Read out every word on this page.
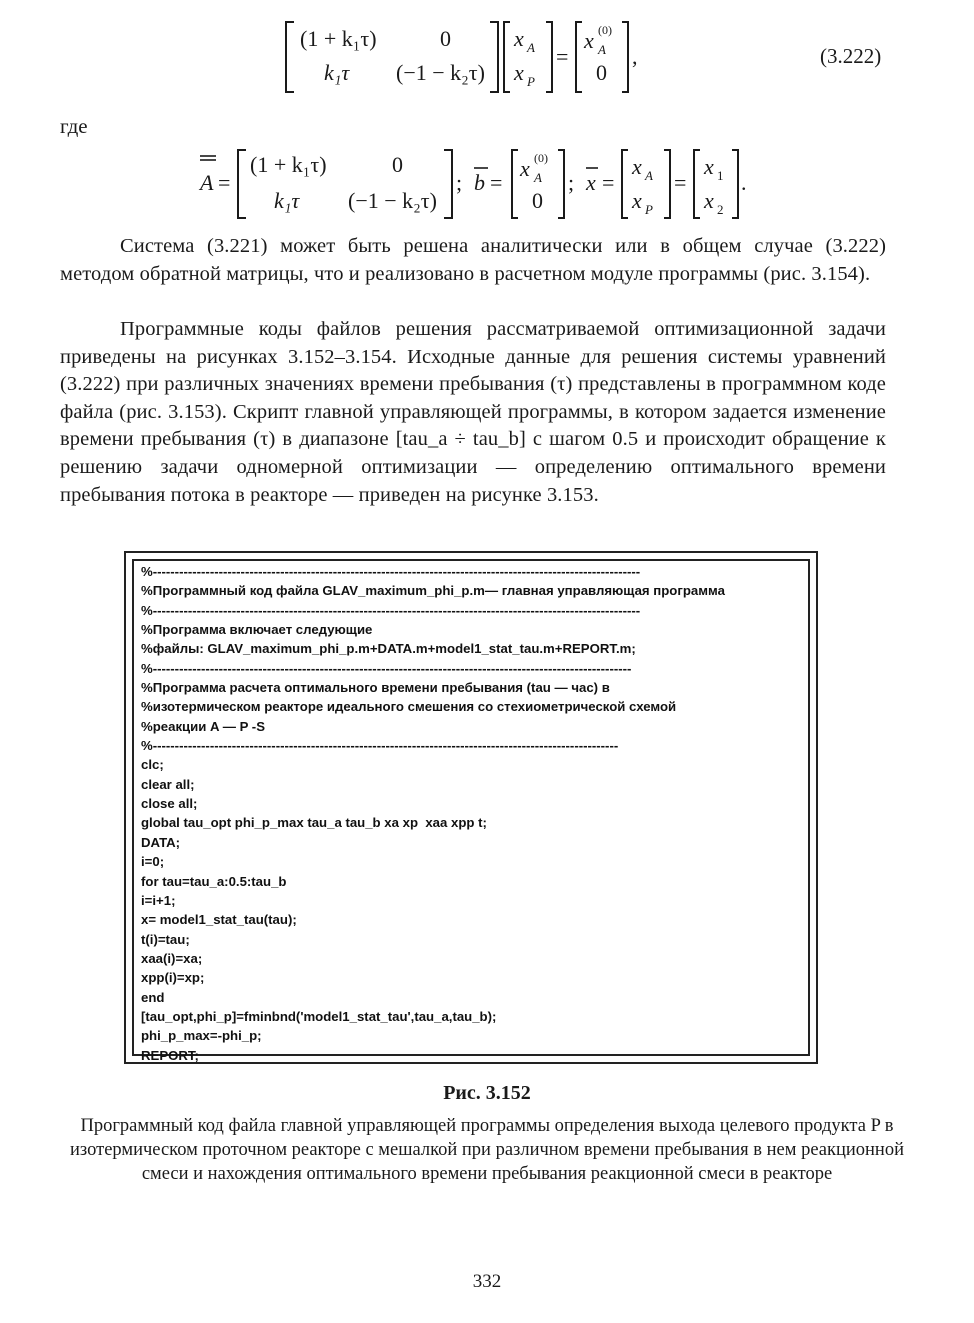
(1 + k₁τ)	0
k₁τ (−1 − k₂τ)
x A
x P
=
x (0)
A
0
,	(3.222)
где
A =
(1 + k₁τ)	0
k₁τ (−1 − k₂τ)
; b =
x (0)
A
0
; x =
x A
x P
=
x 1
x 2
.

Система (3.221) может быть решена аналитически или в общем случае (3.222) методом обратной матрицы, что и реализовано в расчетном модуле программы (рис. 3.154).

Программные коды файлов решения рассматриваемой оптимизационной задачи приведены на рисунках 3.152–3.154. Исходные данные для решения системы уравнений (3.222) при различных значениях времени пребывания (τ) представлены в программном коде файла (рис. 3.153). Скрипт главной управляющей программы, в котором задается изменение времени пребывания (τ) в диапазоне [tau_a ÷ tau_b] с шагом 0.5 и происходит обращение к решению задачи одномерной оптимизации — определению оптимального времени пребывания потока в реакторе — приведен на рисунке 3.153.

%---------------------------------------------------------------------------------------------------------------
%Программный код файла GLAV_maximum_phi_p.m— главная управляющая программа
%---------------------------------------------------------------------------------------------------------------
%Программа включает следующие
%файлы: GLAV_maximum_phi_p.m+DATA.m+model1_stat_tau.m+REPORT.m;
%-------------------------------------------------------------------------------------------------------------
%Программа расчета оптимального времени пребывания (tau — час) в
%изотермическом реакторе идеального смешения со стехиометрической схемой
%реакции A — P -S
%----------------------------------------------------------------------------------------------------------
clc;
clear all;
close all;
global tau_opt phi_p_max tau_a tau_b xa xp  xaa xpp t;
DATA;
i=0;
for tau=tau_a:0.5:tau_b
i=i+1;
x= model1_stat_tau(tau);
t(i)=tau;
xaa(i)=xa;
xpp(i)=xp;
end
[tau_opt,phi_p]=fminbnd('model1_stat_tau',tau_a,tau_b);
phi_p_max=-phi_p;
REPORT;
Рис. 3.152
Программный код файла главной управляющей программы определения выхода целевого продукта P в изотермическом проточном реакторе с мешалкой при различном времени пребывания в нем реакционной смеси и нахождения оптимального времени пребывания реакционной смеси в реакторе
332
